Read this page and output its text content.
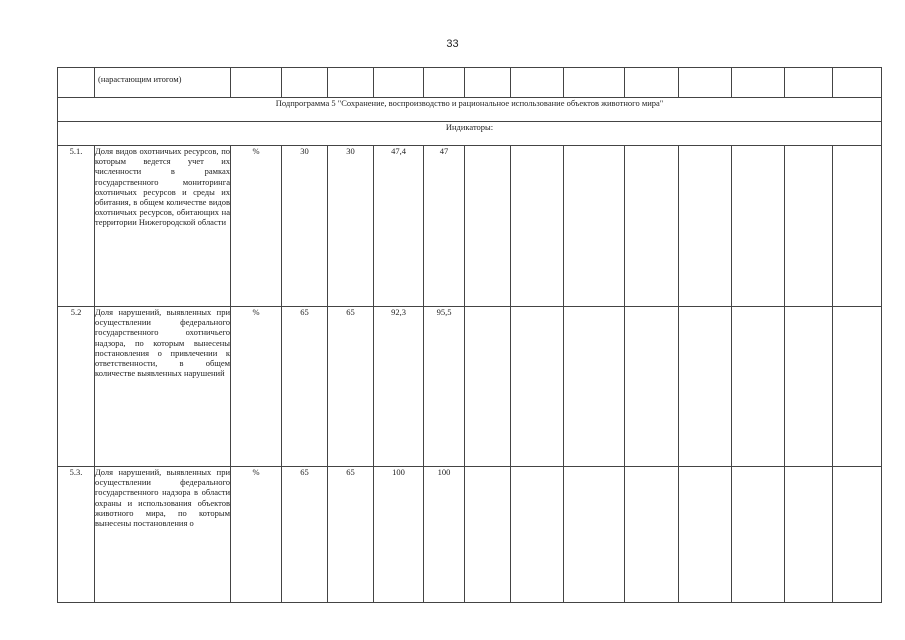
33
	(нарастающим итогом)													
Подпрограмма 5 "Сохранение, воспроизводство и рациональное использование объектов животного мира"														
Индикаторы:														
5.1.	Доля видов охотничьих ресурсов, по которым ведется учет их численности в рамках государственного мониторинга охотничьих ресурсов и среды их обитания, в общем количестве видов охотничьих ресурсов, обитающих на территории Нижегородской области	%	30	30	47,4	47								
5.2	Доля нарушений, выявленных при осуществлении федерального государственного охотничьего надзора, по которым вынесены постановления о привлечении к ответственности, в общем количестве выявленных нарушений	%	65	65	92,3	95,5								
5.3.	Доля нарушений, выявленных при осуществлении федерального государственного надзора в области охраны и использования объектов животного мира, по которым вынесены постановления о	%	65	65	100	100								
